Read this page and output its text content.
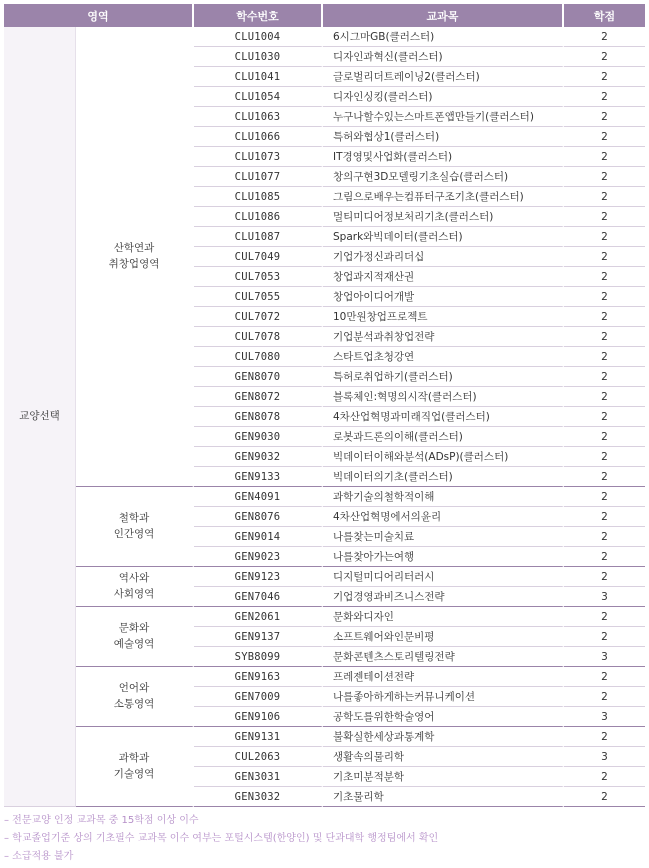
영역		학수번호	교과목	학점
교양선택	산학연과
취창업영역	CLU1004	6시그마GB(클러스터)	2
		CLU1030	디자인과혁신(클러스터)	2
		CLU1041	글로벌리더트레이닝2(클러스터)	2
		CLU1054	디자인싱킹(클러스터)	2
		CLU1063	누구나할수있는스마트폰앱만들기(클러스터)	2
		CLU1066	특허와협상1(클러스터)	2
		CLU1073	IT경영및사업화(클러스터)	2
		CLU1077	창의구현3D모델링기초실습(클러스터)	2
		CLU1085	그림으로배우는컴퓨터구조기초(클러스터)	2
		CLU1086	멀티미디어정보처리기초(클러스터)	2
		CLU1087	Spark와빅데이터(클러스터)	2
		CUL7049	기업가정신과리더십	2
		CUL7053	창업과지적재산권	2
		CUL7055	창업아이디어개발	2
		CUL7072	10만원창업프로젝트	2
		CUL7078	기업분석과취창업전략	2
		CUL7080	스타트업초청강연	2
		GEN8070	특허로취업하기(클러스터)	2
		GEN8072	블록체인:혁명의시작(클러스터)	2
		GEN8078	4차산업혁명과미래직업(클러스터)	2
		GEN9030	로봇과드론의이해(클러스터)	2
		GEN9032	빅데이터이해와분석(ADsP)(클러스터)	2
		GEN9133	빅데이터의기초(클러스터)	2
	철학과
인간영역	GEN4091	과학기술의철학적이해	2
		GEN8076	4차산업혁명에서의윤리	2
		GEN9014	나를찾는미술치료	2
		GEN9023	나를찾아가는여행	2
	역사와
사회영역	GEN9123	디지털미디어리터러시	2
		GEN7046	기업경영과비즈니스전략	3
	문화와
예술영역	GEN2061	문화와디자인	2
		GEN9137	소프트웨어와인문비평	2
		SYB8099	문화콘텐츠스토리텔링전략	3
	언어와
소통영역	GEN9163	프레젠테이션전략	2
		GEN7009	나를좋아하게하는커뮤니케이션	2
		GEN9106	공학도를위한학술영어	3
	과학과
기술영역	GEN9131	불확실한세상과통계학	2
		CUL2063	생활속의물리학	3
		GEN3031	기초미분적분학	2
		GEN3032	기초물리학	2
– 전문교양 인정 교과목 중 15학점 이상 이수
– 학교졸업기준 상의 기초필수 교과목 이수 여부는 포털시스템(한양인) 및 단과대학 행정팀에서 확인
– 소급적용 불가
